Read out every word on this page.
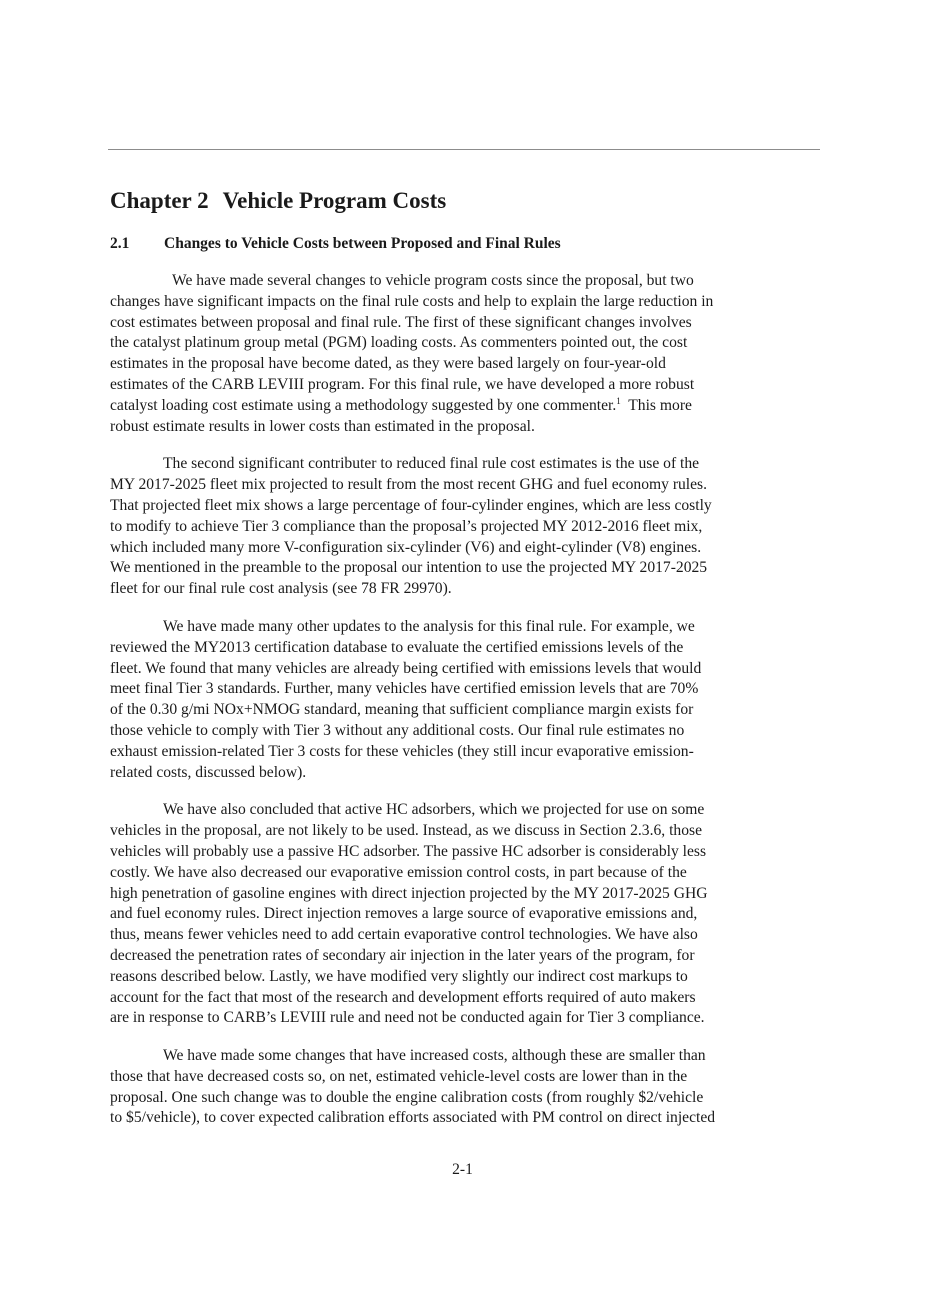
Chapter 2 Vehicle Program Costs
2.1 Changes to Vehicle Costs between Proposed and Final Rules

We have made several changes to vehicle program costs since the proposal, but two
changes have significant impacts on the final rule costs and help to explain the large reduction in
cost estimates between proposal and final rule. The first of these significant changes involves
the catalyst platinum group metal (PGM) loading costs. As commenters pointed out, the cost
estimates in the proposal have become dated, as they were based largely on four-year-old
estimates of the CARB LEVIII program. For this final rule, we have developed a more robust
catalyst loading cost estimate using a methodology suggested by one commenter.$^1$  This more
robust estimate results in lower costs than estimated in the proposal.

The second significant contributer to reduced final rule cost estimates is the use of the
MY 2017-2025 fleet mix projected to result from the most recent GHG and fuel economy rules.
That projected fleet mix shows a large percentage of four-cylinder engines, which are less costly
to modify to achieve Tier 3 compliance than the proposal’s projected MY 2012-2016 fleet mix,
which included many more V-configuration six-cylinder (V6) and eight-cylinder (V8) engines.
We mentioned in the preamble to the proposal our intention to use the projected MY 2017-2025
fleet for our final rule cost analysis (see 78 FR 29970).

We have made many other updates to the analysis for this final rule. For example, we
reviewed the MY2013 certification database to evaluate the certified emissions levels of the
fleet. We found that many vehicles are already being certified with emissions levels that would
meet final Tier 3 standards. Further, many vehicles have certified emission levels that are 70%
of the 0.30 g/mi NOx+NMOG standard, meaning that sufficient compliance margin exists for
those vehicle to comply with Tier 3 without any additional costs. Our final rule estimates no
exhaust emission-related Tier 3 costs for these vehicles (they still incur evaporative emission-
related costs, discussed below).

We have also concluded that active HC adsorbers, which we projected for use on some
vehicles in the proposal, are not likely to be used. Instead, as we discuss in Section 2.3.6, those
vehicles will probably use a passive HC adsorber. The passive HC adsorber is considerably less
costly. We have also decreased our evaporative emission control costs, in part because of the
high penetration of gasoline engines with direct injection projected by the MY 2017-2025 GHG
and fuel economy rules. Direct injection removes a large source of evaporative emissions and,
thus, means fewer vehicles need to add certain evaporative control technologies. We have also
decreased the penetration rates of secondary air injection in the later years of the program, for
reasons described below. Lastly, we have modified very slightly our indirect cost markups to
account for the fact that most of the research and development efforts required of auto makers
are in response to CARB’s LEVIII rule and need not be conducted again for Tier 3 compliance.

We have made some changes that have increased costs, although these are smaller than
those that have decreased costs so, on net, estimated vehicle-level costs are lower than in the
proposal. One such change was to double the engine calibration costs (from roughly $2/vehicle
to $5/vehicle), to cover expected calibration efforts associated with PM control on direct injected

2-1
